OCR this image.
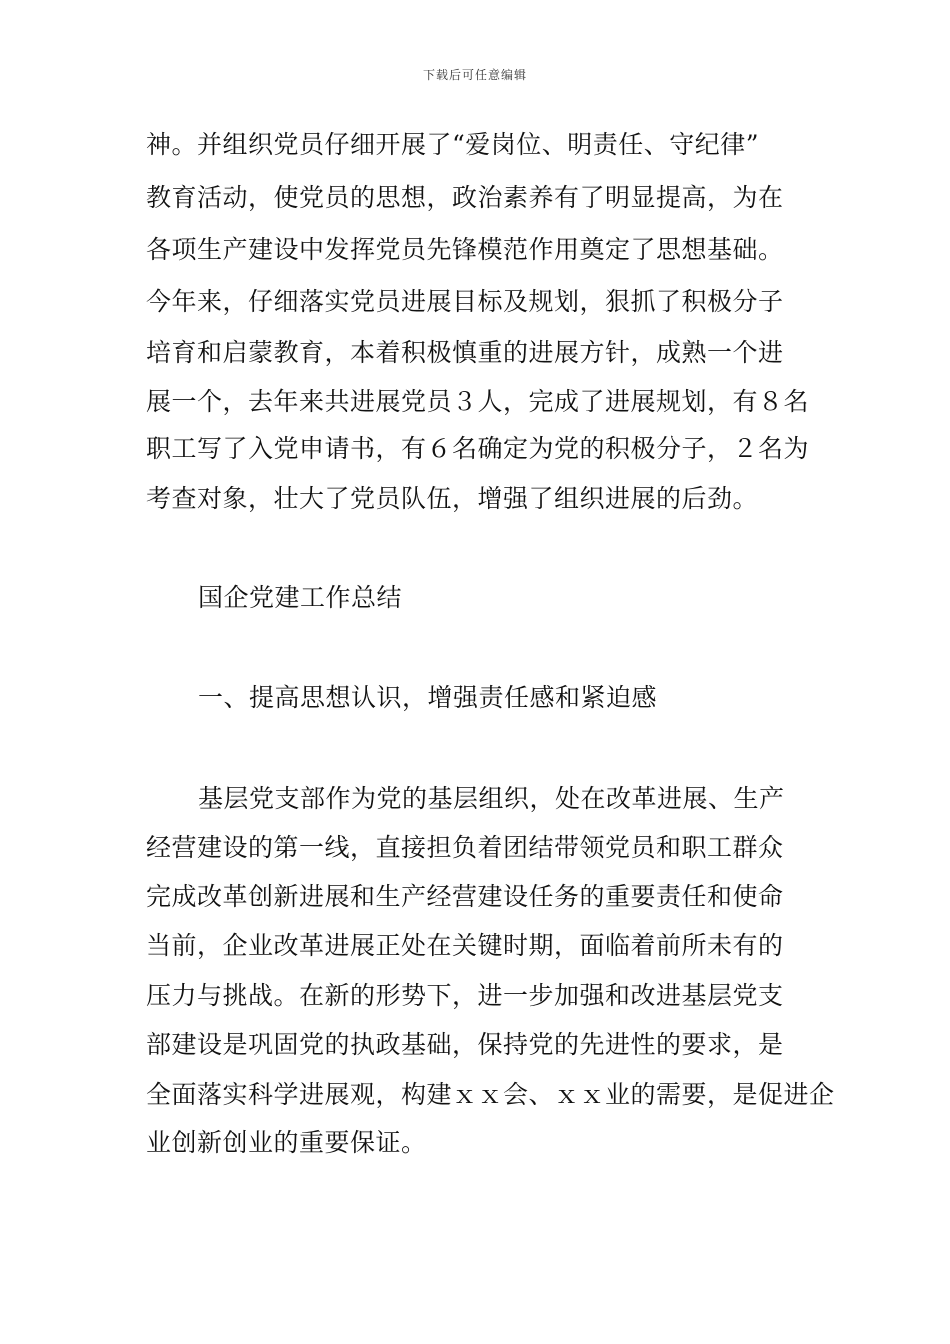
下载后可任意编辑
神。并组织党员仔细开展了“爱岗位、明责任、守纪律”
教育活动，使党员的思想，政治素养有了明显提高，为在
各项生产建设中发挥党员先锋模范作用奠定了思想基础。
今年来，仔细落实党员进展目标及规划，狠抓了积极分子
培育和启蒙教育，本着积极慎重的进展方针，成熟一个进
展一个，去年来共进展党员３人，完成了进展规划，有８名
职工写了入党申请书，有６名确定为党的积极分子，２名为
考查对象，壮大了党员队伍，增强了组织进展的后劲。
国企党建工作总结
一、提高思想认识，增强责任感和紧迫感
基层党支部作为党的基层组织，处在改革进展、生产
经营建设的第一线，直接担负着团结带领党员和职工群众
完成改革创新进展和生产经营建设任务的重要责任和使命
当前，企业改革进展正处在关键时期，面临着前所未有的
压力与挑战。在新的形势下，进一步加强和改进基层党支
部建设是巩固党的执政基础，保持党的先进性的要求，是
全面落实科学进展观，构建ｘｘ会、ｘｘ业的需要，是促进企
业创新创业的重要保证。
